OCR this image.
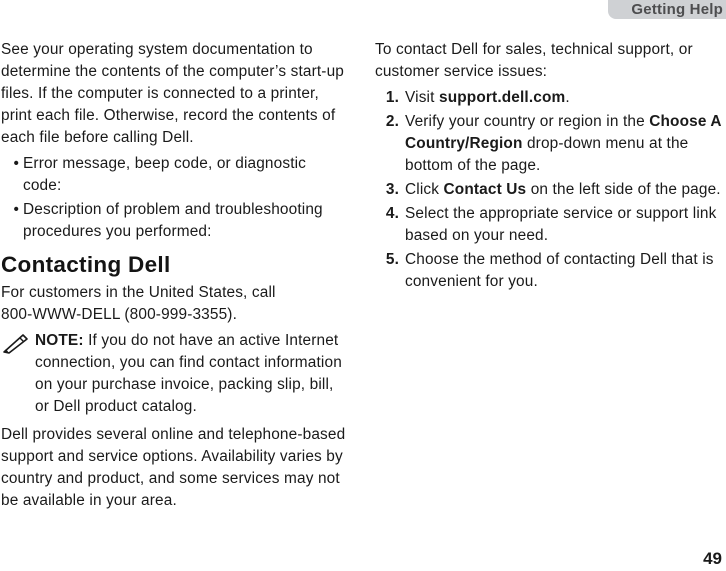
Getting Help

See your operating system documentation to determine the contents of the computer’s start-up files. If the computer is connected to a printer, print each file. Otherwise, record the contents of each file before calling Dell.

• Error message, beep code, or diagnostic code:
• Description of problem and troubleshooting procedures you performed:
Contacting Dell

For customers in the United States, call

800-WWW-DELL (800-999-3355).

NOTE: If you do not have an active Internet connection, you can find contact information on your purchase invoice, packing slip, bill, or Dell product catalog.

Dell provides several online and telephone-based support and service options. Availability varies by country and product, and some services may not be available in your area.

To contact Dell for sales, technical support, or customer service issues:

1. Visit support.dell.com.
2. Verify your country or region in the Choose A Country/Region drop-down menu at the bottom of the page.
3. Click Contact Us on the left side of the page.
4. Select the appropriate service or support link based on your need.
5. Choose the method of contacting Dell that is convenient for you.
49
